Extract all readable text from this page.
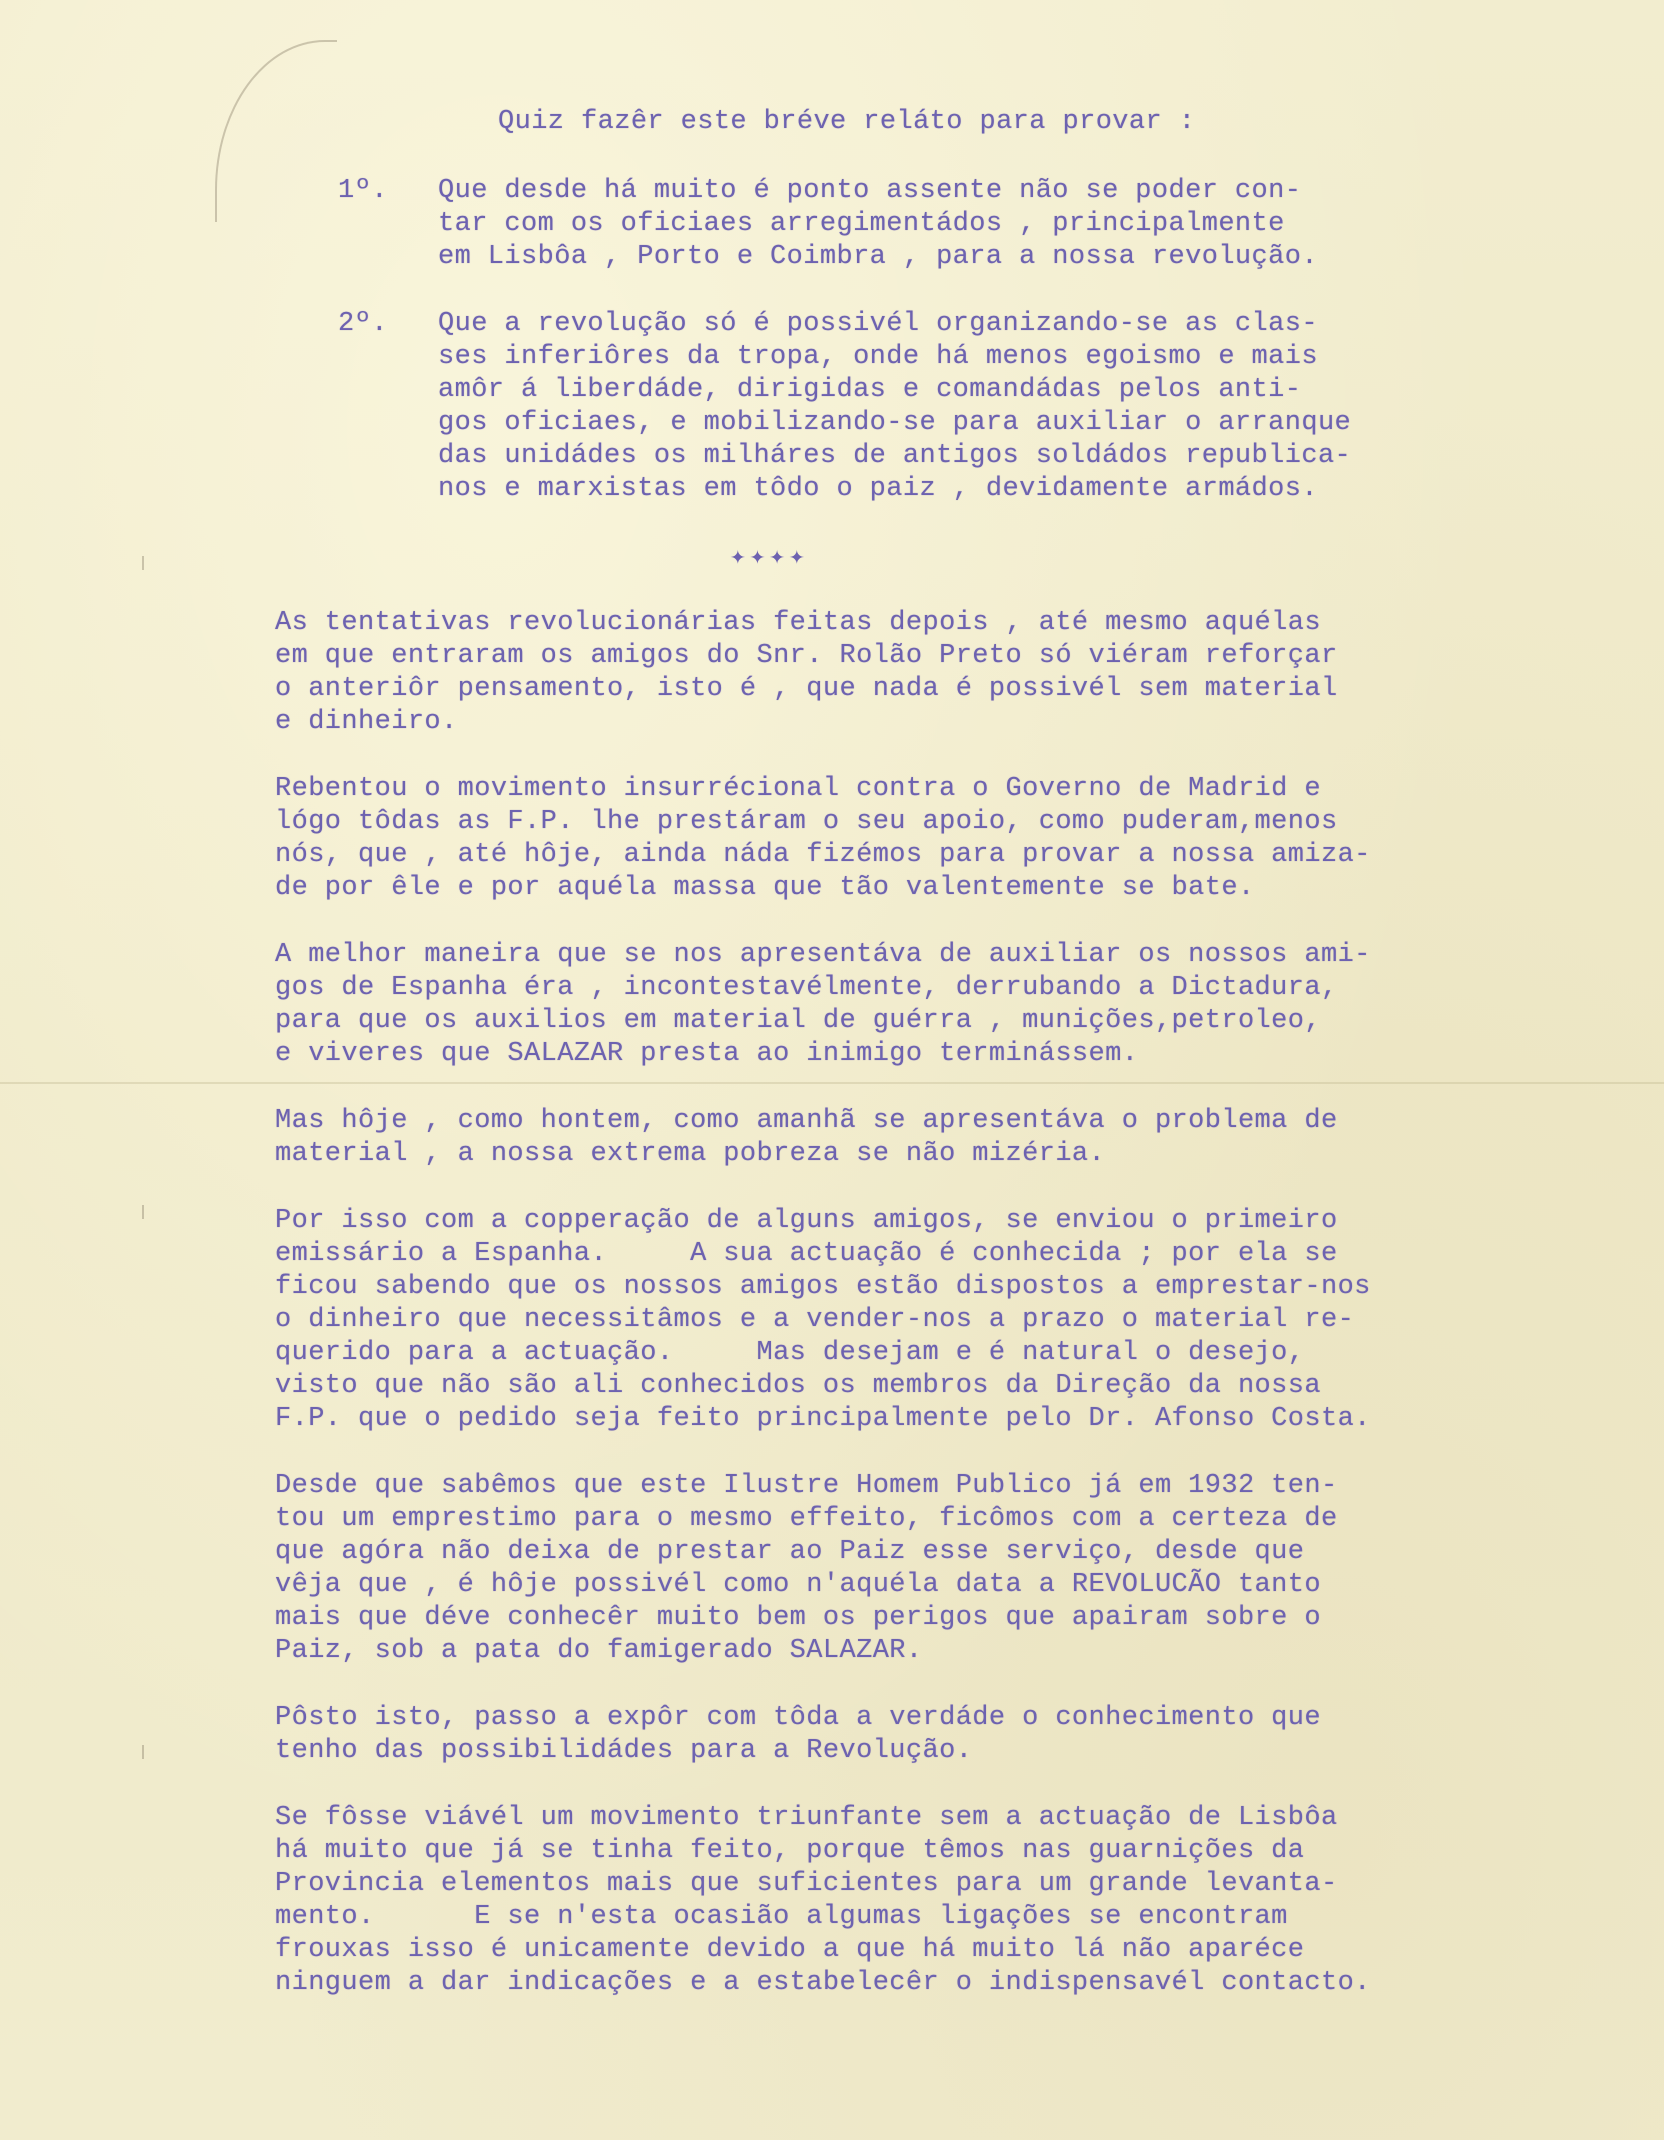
Quiz fazêr este bréve reláto para provar :
1º. Que desde há muito é ponto assente não se poder con-
tar com os oficiaes arregimentádos , principalmente
em Lisbôa , Porto e Coimbra , para a nossa revolução.
2º. Que a revolução só é possivél organizando-se as clas-
ses inferiôres da tropa, onde há menos egoismo e mais
amôr á liberdáde, dirigidas e comandádas pelos anti-
gos oficiaes, e mobilizando-se para auxiliar o arranque
das unidádes os milháres de antigos soldádos republica-
nos e marxistas em tôdo o paiz , devidamente armádos.
✦✦✦✦
As tentativas revolucionárias feitas depois , até mesmo aquélas
em que entraram os amigos do Snr. Rolão Preto só viéram reforçar
o anteriôr pensamento, isto é , que nada é possivél sem material
e dinheiro.
Rebentou o movimento insurrécional contra o Governo de Madrid e
lógo tôdas as F.P. lhe prestáram o seu apoio, como puderam,menos
nós, que , até hôje, ainda náda fizémos para provar a nossa amiza-
de por êle e por aquéla massa que tão valentemente se bate.
A melhor maneira que se nos apresentáva de auxiliar os nossos ami-
gos de Espanha éra , incontestavélmente, derrubando a Dictadura,
para que os auxilios em material de guérra , munições,petroleo,
e viveres que SALAZAR presta ao inimigo terminássem.
Mas hôje , como hontem, como amanhã se apresentáva o problema de
material , a nossa extrema pobreza se não mizéria.
Por isso com a copperação de alguns amigos, se enviou o primeiro
emissário a Espanha.     A sua actuação é conhecida ; por ela se
ficou sabendo que os nossos amigos estão dispostos a emprestar-nos
o dinheiro que necessitâmos e a vender-nos a prazo o material re-
querido para a actuação.     Mas desejam e é natural o desejo,
visto que não são ali conhecidos os membros da Direção da nossa
F.P. que o pedido seja feito principalmente pelo Dr. Afonso Costa.
Desde que sabêmos que este Ilustre Homem Publico já em 1932 ten-
tou um emprestimo para o mesmo effeito, ficômos com a certeza de
que agóra não deixa de prestar ao Paiz esse serviço, desde que
vêja que , é hôje possivél como n'aquéla data a REVOLUCÃO tanto
mais que déve conhecêr muito bem os perigos que apairam sobre o
Paiz, sob a pata do famigerado SALAZAR.
Pôsto isto, passo a expôr com tôda a verdáde o conhecimento que
tenho das possibilidádes para a Revolução.
Se fôsse viávél um movimento triunfante sem a actuação de Lisbôa
há muito que já se tinha feito, porque têmos nas guarnições da
Provincia elementos mais que suficientes para um grande levanta-
mento.      E se n'esta ocasião algumas ligações se encontram
frouxas isso é unicamente devido a que há muito lá não aparéce
ninguem a dar indicações e a estabelecêr o indispensavél contacto.
